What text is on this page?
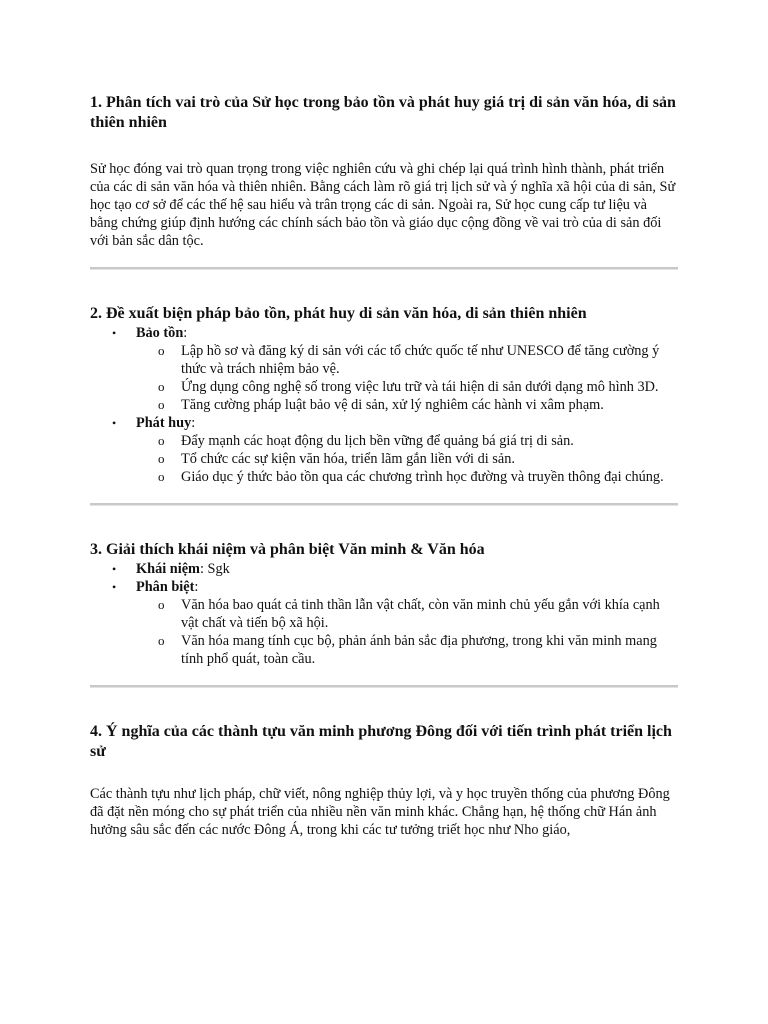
1. Phân tích vai trò của Sử học trong bảo tồn và phát huy giá trị di sản văn hóa, di sản thiên nhiên

Sử học đóng vai trò quan trọng trong việc nghiên cứu và ghi chép lại quá trình hình thành, phát triển của các di sản văn hóa và thiên nhiên. Bằng cách làm rõ giá trị lịch sử và ý nghĩa xã hội của di sản, Sử học tạo cơ sở để các thế hệ sau hiểu và trân trọng các di sản. Ngoài ra, Sử học cung cấp tư liệu và bằng chứng giúp định hướng các chính sách bảo tồn và giáo dục cộng đồng về vai trò của di sản đối với bản sắc dân tộc.

2. Đề xuất biện pháp bảo tồn, phát huy di sản văn hóa, di sản thiên nhiên
• Bảo tồn:
o Lập hồ sơ và đăng ký di sản với các tổ chức quốc tế như UNESCO để tăng cường ý thức và trách nhiệm bảo vệ.
o Ứng dụng công nghệ số trong việc lưu trữ và tái hiện di sản dưới dạng mô hình 3D.
o Tăng cường pháp luật bảo vệ di sản, xử lý nghiêm các hành vi xâm phạm.
• Phát huy:
o Đẩy mạnh các hoạt động du lịch bền vững để quảng bá giá trị di sản.
o Tổ chức các sự kiện văn hóa, triển lãm gắn liền với di sản.
o Giáo dục ý thức bảo tồn qua các chương trình học đường và truyền thông đại chúng.
3. Giải thích khái niệm và phân biệt Văn minh & Văn hóa
• Khái niệm: Sgk
• Phân biệt:
o Văn hóa bao quát cả tinh thần lẫn vật chất, còn văn minh chủ yếu gắn với khía cạnh vật chất và tiến bộ xã hội.
o Văn hóa mang tính cục bộ, phản ánh bản sắc địa phương, trong khi văn minh mang tính phổ quát, toàn cầu.
4. Ý nghĩa của các thành tựu văn minh phương Đông đối với tiến trình phát triển lịch sử

Các thành tựu như lịch pháp, chữ viết, nông nghiệp thủy lợi, và y học truyền thống của phương Đông đã đặt nền móng cho sự phát triển của nhiều nền văn minh khác. Chẳng hạn, hệ thống chữ Hán ảnh hưởng sâu sắc đến các nước Đông Á, trong khi các tư tưởng triết học như Nho giáo,
